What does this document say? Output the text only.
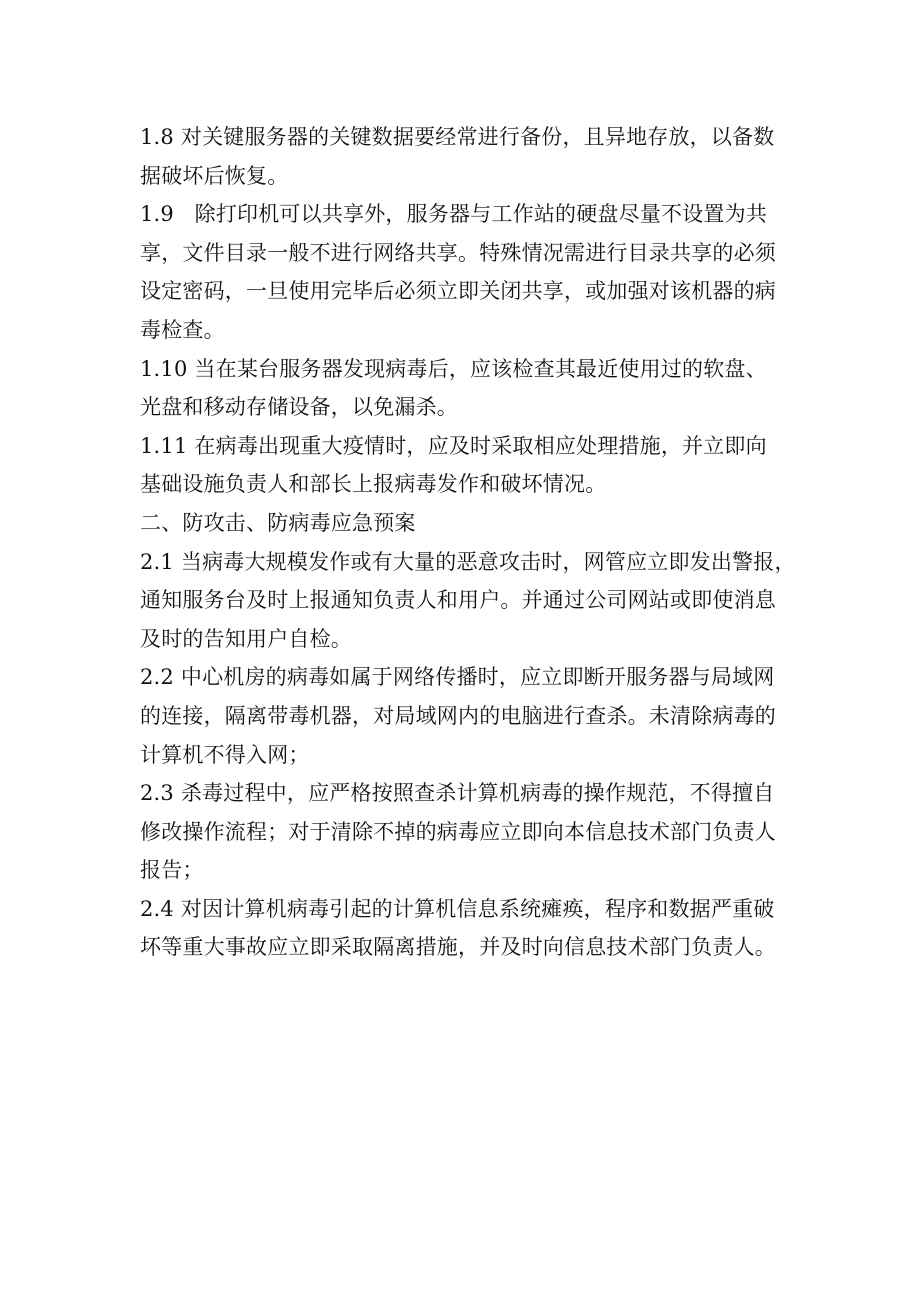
1.8 对关键服务器的关键数据要经常进行备份，且异地存放，以备数
据破坏后恢复。
1.9   除打印机可以共享外，服务器与工作站的硬盘尽量不设置为共
享，文件目录一般不进行网络共享。特殊情况需进行目录共享的必须
设定密码，一旦使用完毕后必须立即关闭共享，或加强对该机器的病
毒检查。
1.10 当在某台服务器发现病毒后，应该检查其最近使用过的软盘、
光盘和移动存储设备，以免漏杀。
1.11 在病毒出现重大疫情时，应及时采取相应处理措施，并立即向
基础设施负责人和部长上报病毒发作和破坏情况。
二、防攻击、防病毒应急预案
2.1 当病毒大规模发作或有大量的恶意攻击时，网管应立即发出警报，
通知服务台及时上报通知负责人和用户。并通过公司网站或即使消息
及时的告知用户自检。
2.2 中心机房的病毒如属于网络传播时，应立即断开服务器与局域网
的连接，隔离带毒机器，对局域网内的电脑进行查杀。未清除病毒的
计算机不得入网；
2.3 杀毒过程中，应严格按照查杀计算机病毒的操作规范，不得擅自
修改操作流程；对于清除不掉的病毒应立即向本信息技术部门负责人
报告；
2.4 对因计算机病毒引起的计算机信息系统瘫痪，程序和数据严重破
坏等重大事故应立即采取隔离措施，并及时向信息技术部门负责人。
